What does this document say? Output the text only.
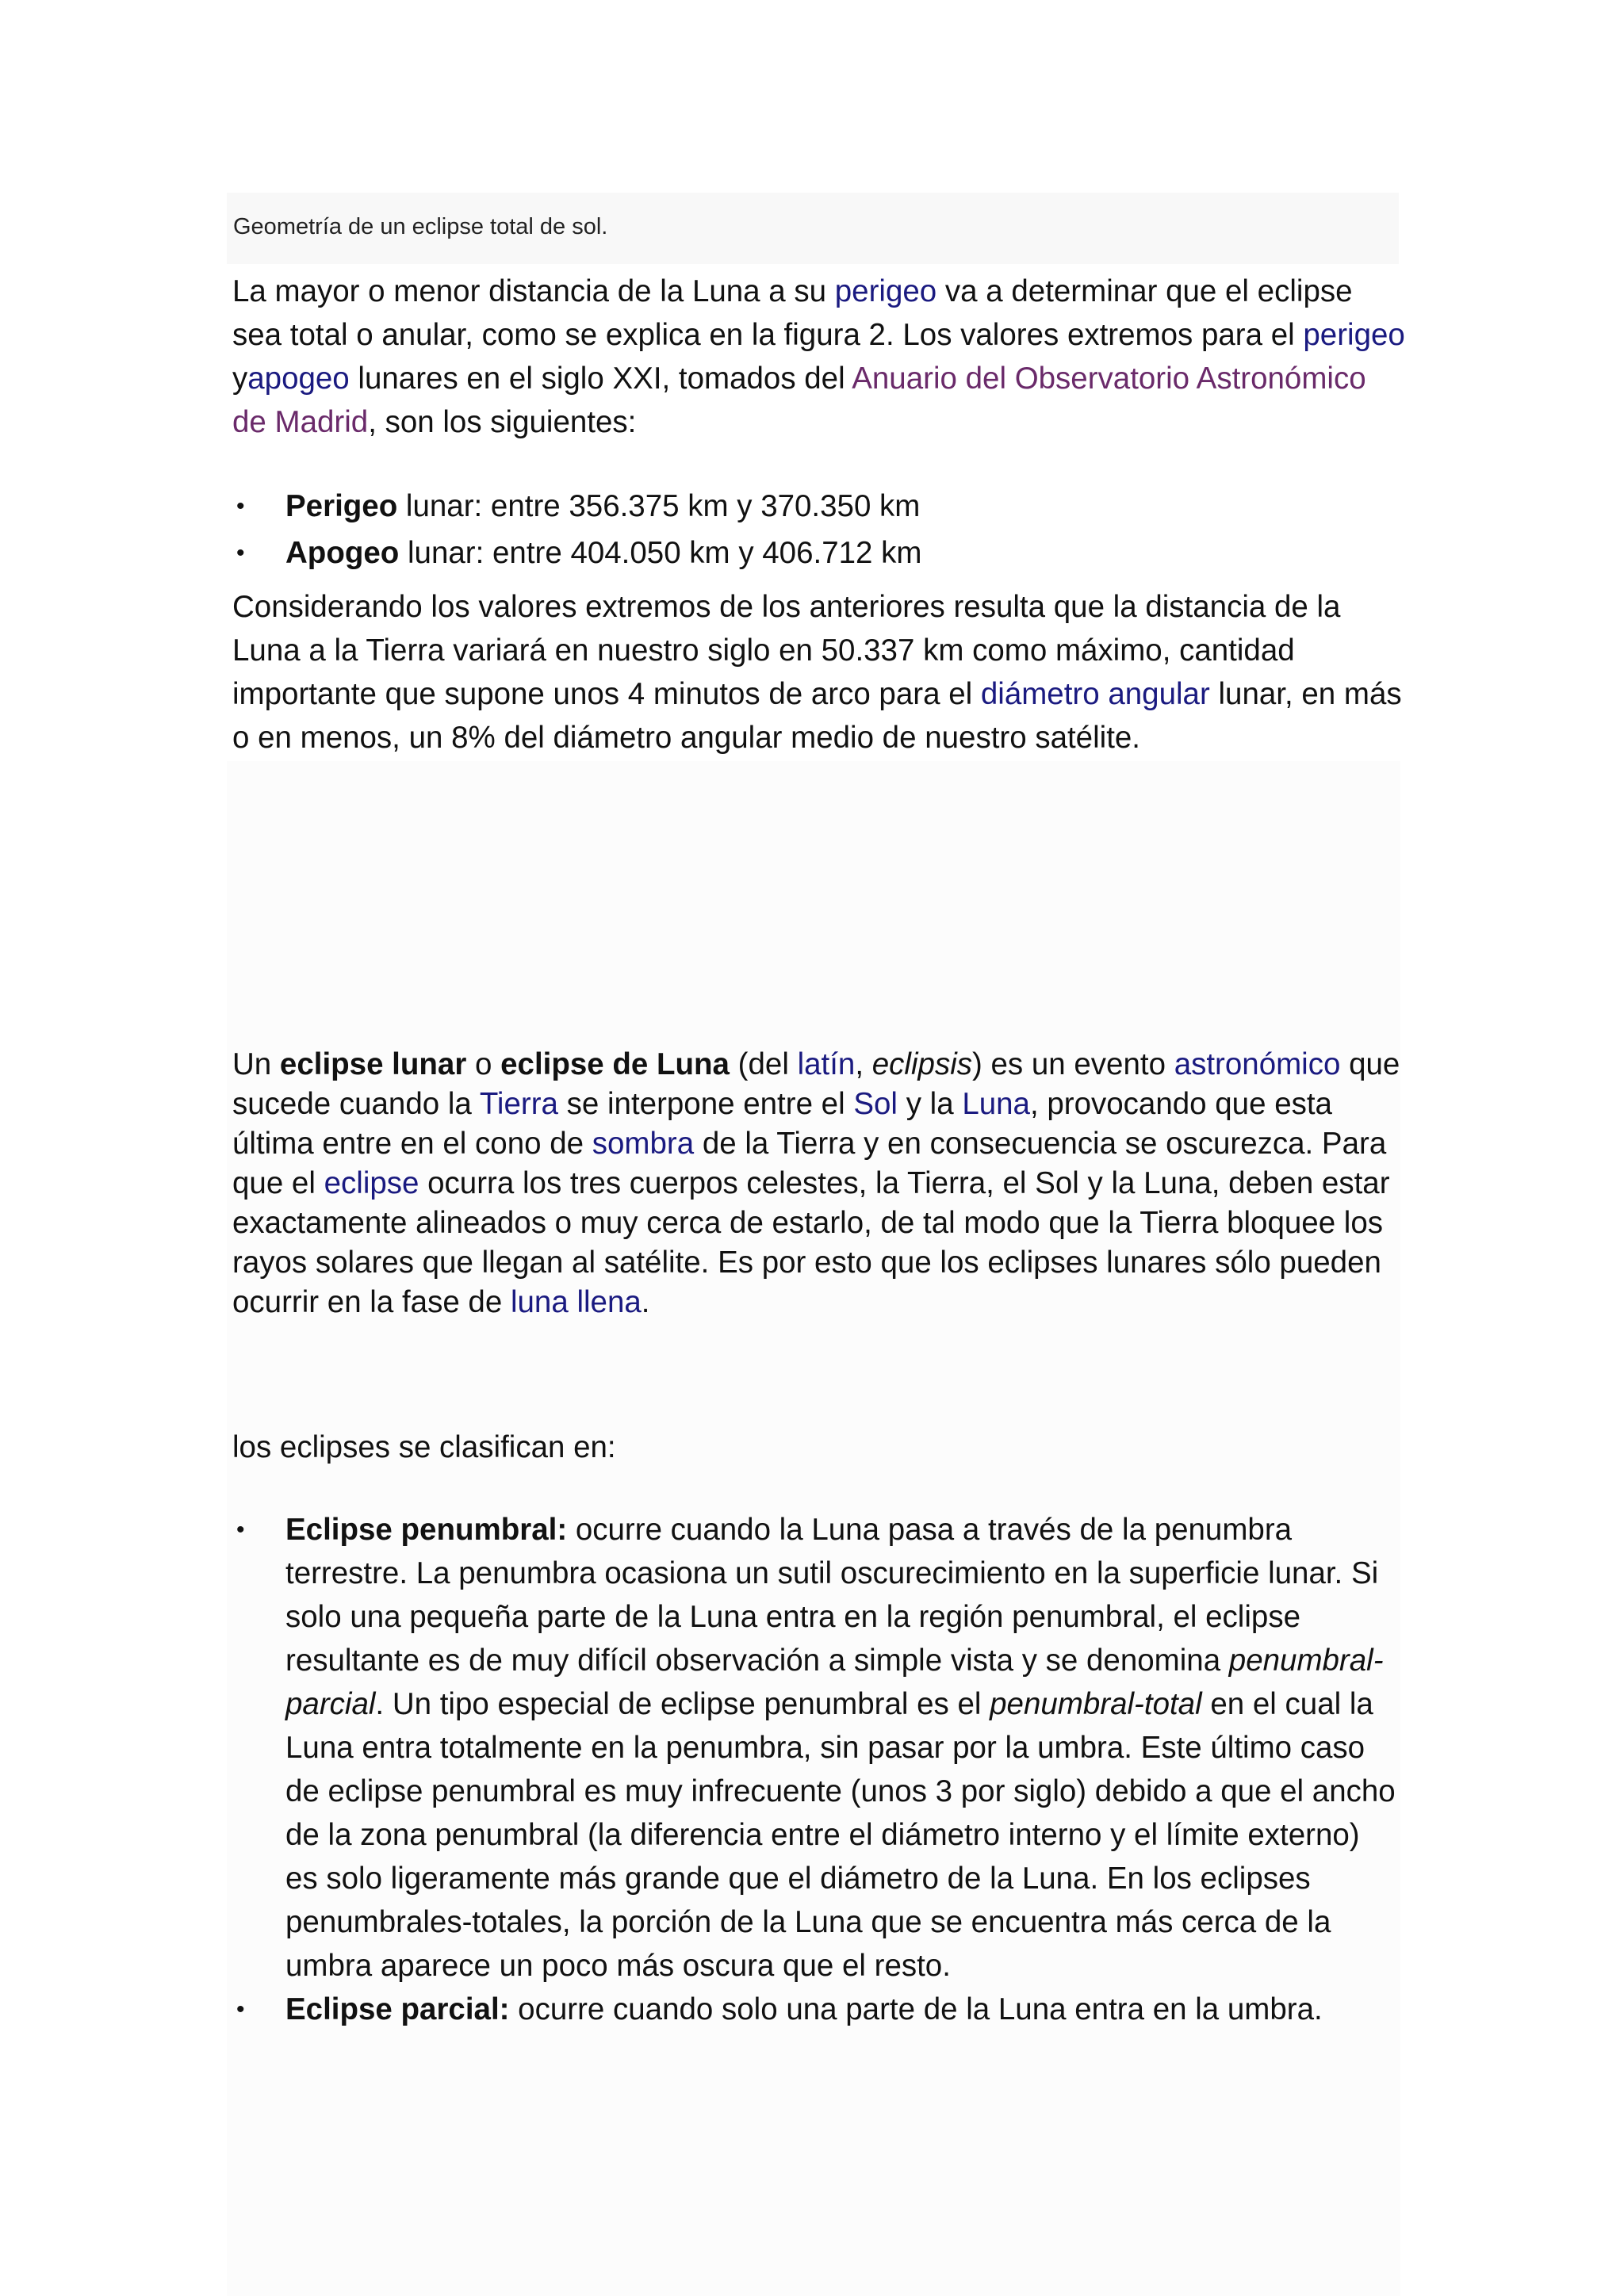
Geometría de un eclipse total de sol.
La mayor o menor distancia de la Luna a su perigeo va a determinar que el eclipse sea total o anular, como se explica en la figura 2. Los valores extremos para el perigeo yapogeo lunares en el siglo XXI, tomados del Anuario del Observatorio Astronómico de Madrid, son los siguientes:
• Perigeo lunar: entre 356.375 km y 370.350 km
• Apogeo lunar: entre 404.050 km y 406.712 km
Considerando los valores extremos de los anteriores resulta que la distancia de la Luna a la Tierra variará en nuestro siglo en 50.337 km como máximo, cantidad importante que supone unos 4 minutos de arco para el diámetro angular lunar, en más o en menos, un 8% del diámetro angular medio de nuestro satélite.
Un eclipse lunar o eclipse de Luna (del latín, eclipsis) es un evento astronómico que sucede cuando la Tierra se interpone entre el Sol y la Luna, provocando que esta última entre en el cono de sombra de la Tierra y en consecuencia se oscurezca. Para que el eclipse ocurra los tres cuerpos celestes, la Tierra, el Sol y la Luna, deben estar exactamente alineados o muy cerca de estarlo, de tal modo que la Tierra bloquee los rayos solares que llegan al satélite. Es por esto que los eclipses lunares sólo pueden ocurrir en la fase de luna llena.
los eclipses se clasifican en:
• Eclipse penumbral: ocurre cuando la Luna pasa a través de la penumbra terrestre. La penumbra ocasiona un sutil oscurecimiento en la superficie lunar. Si solo una pequeña parte de la Luna entra en la región penumbral, el eclipse resultante es de muy difícil observación a simple vista y se denomina penumbral-parcial. Un tipo especial de eclipse penumbral es el penumbral-total en el cual la Luna entra totalmente en la penumbra, sin pasar por la umbra. Este último caso de eclipse penumbral es muy infrecuente (unos 3 por siglo) debido a que el ancho de la zona penumbral (la diferencia entre el diámetro interno y el límite externo) es solo ligeramente más grande que el diámetro de la Luna. En los eclipses penumbrales-totales, la porción de la Luna que se encuentra más cerca de la umbra aparece un poco más oscura que el resto.
• Eclipse parcial: ocurre cuando solo una parte de la Luna entra en la umbra.
